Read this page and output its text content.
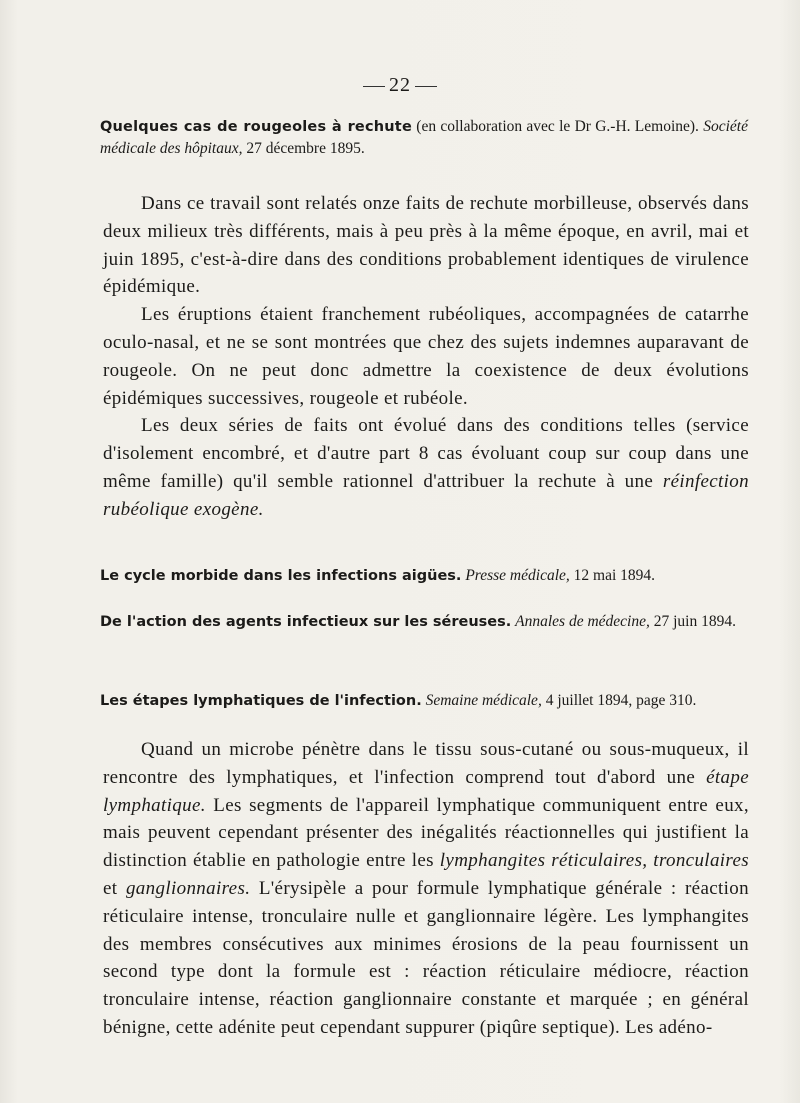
22
Quelques cas de rougeoles à rechute (en collaboration avec le Dr G.-H. Lemoine). Société médicale des hôpitaux, 27 décembre 1895.

Dans ce travail sont relatés onze faits de rechute morbilleuse, observés dans deux milieux très différents, mais à peu près à la même époque, en avril, mai et juin 1895, c'est-à-dire dans des conditions probablement identiques de virulence épidémique.

Les éruptions étaient franchement rubéoliques, accompagnées de catarrhe oculo-nasal, et ne se sont montrées que chez des sujets indemnes auparavant de rougeole. On ne peut donc admettre la coexistence de deux évolutions épidémiques successives, rougeole et rubéole.

Les deux séries de faits ont évolué dans des conditions telles (service d'isolement encombré, et d'autre part 8 cas évoluant coup sur coup dans une même famille) qu'il semble rationnel d'attribuer la rechute à une réinfection rubéolique exogène.

Le cycle morbide dans les infections aigües. Presse médicale, 12 mai 1894.
De l'action des agents infectieux sur les séreuses. Annales de médecine, 27 juin 1894.
Les étapes lymphatiques de l'infection. Semaine médicale, 4 juillet 1894, page 310.

Quand un microbe pénètre dans le tissu sous-cutané ou sous-muqueux, il rencontre des lymphatiques, et l'infection comprend tout d'abord une étape lymphatique. Les segments de l'appareil lymphatique communiquent entre eux, mais peuvent cependant présenter des inégalités réactionnelles qui justifient la distinction établie en pathologie entre les lymphangites réticulaires, tronculaires et ganglionnaires. L'érysipèle a pour formule lymphatique générale : réaction réticulaire intense, tronculaire nulle et ganglionnaire légère. Les lymphangites des membres consécutives aux minimes érosions de la peau fournissent un second type dont la formule est : réaction réticulaire médiocre, réaction tronculaire intense, réaction ganglionnaire constante et marquée ; en général bénigne, cette adénite peut cependant suppurer (piqûre septique). Les adéno-
